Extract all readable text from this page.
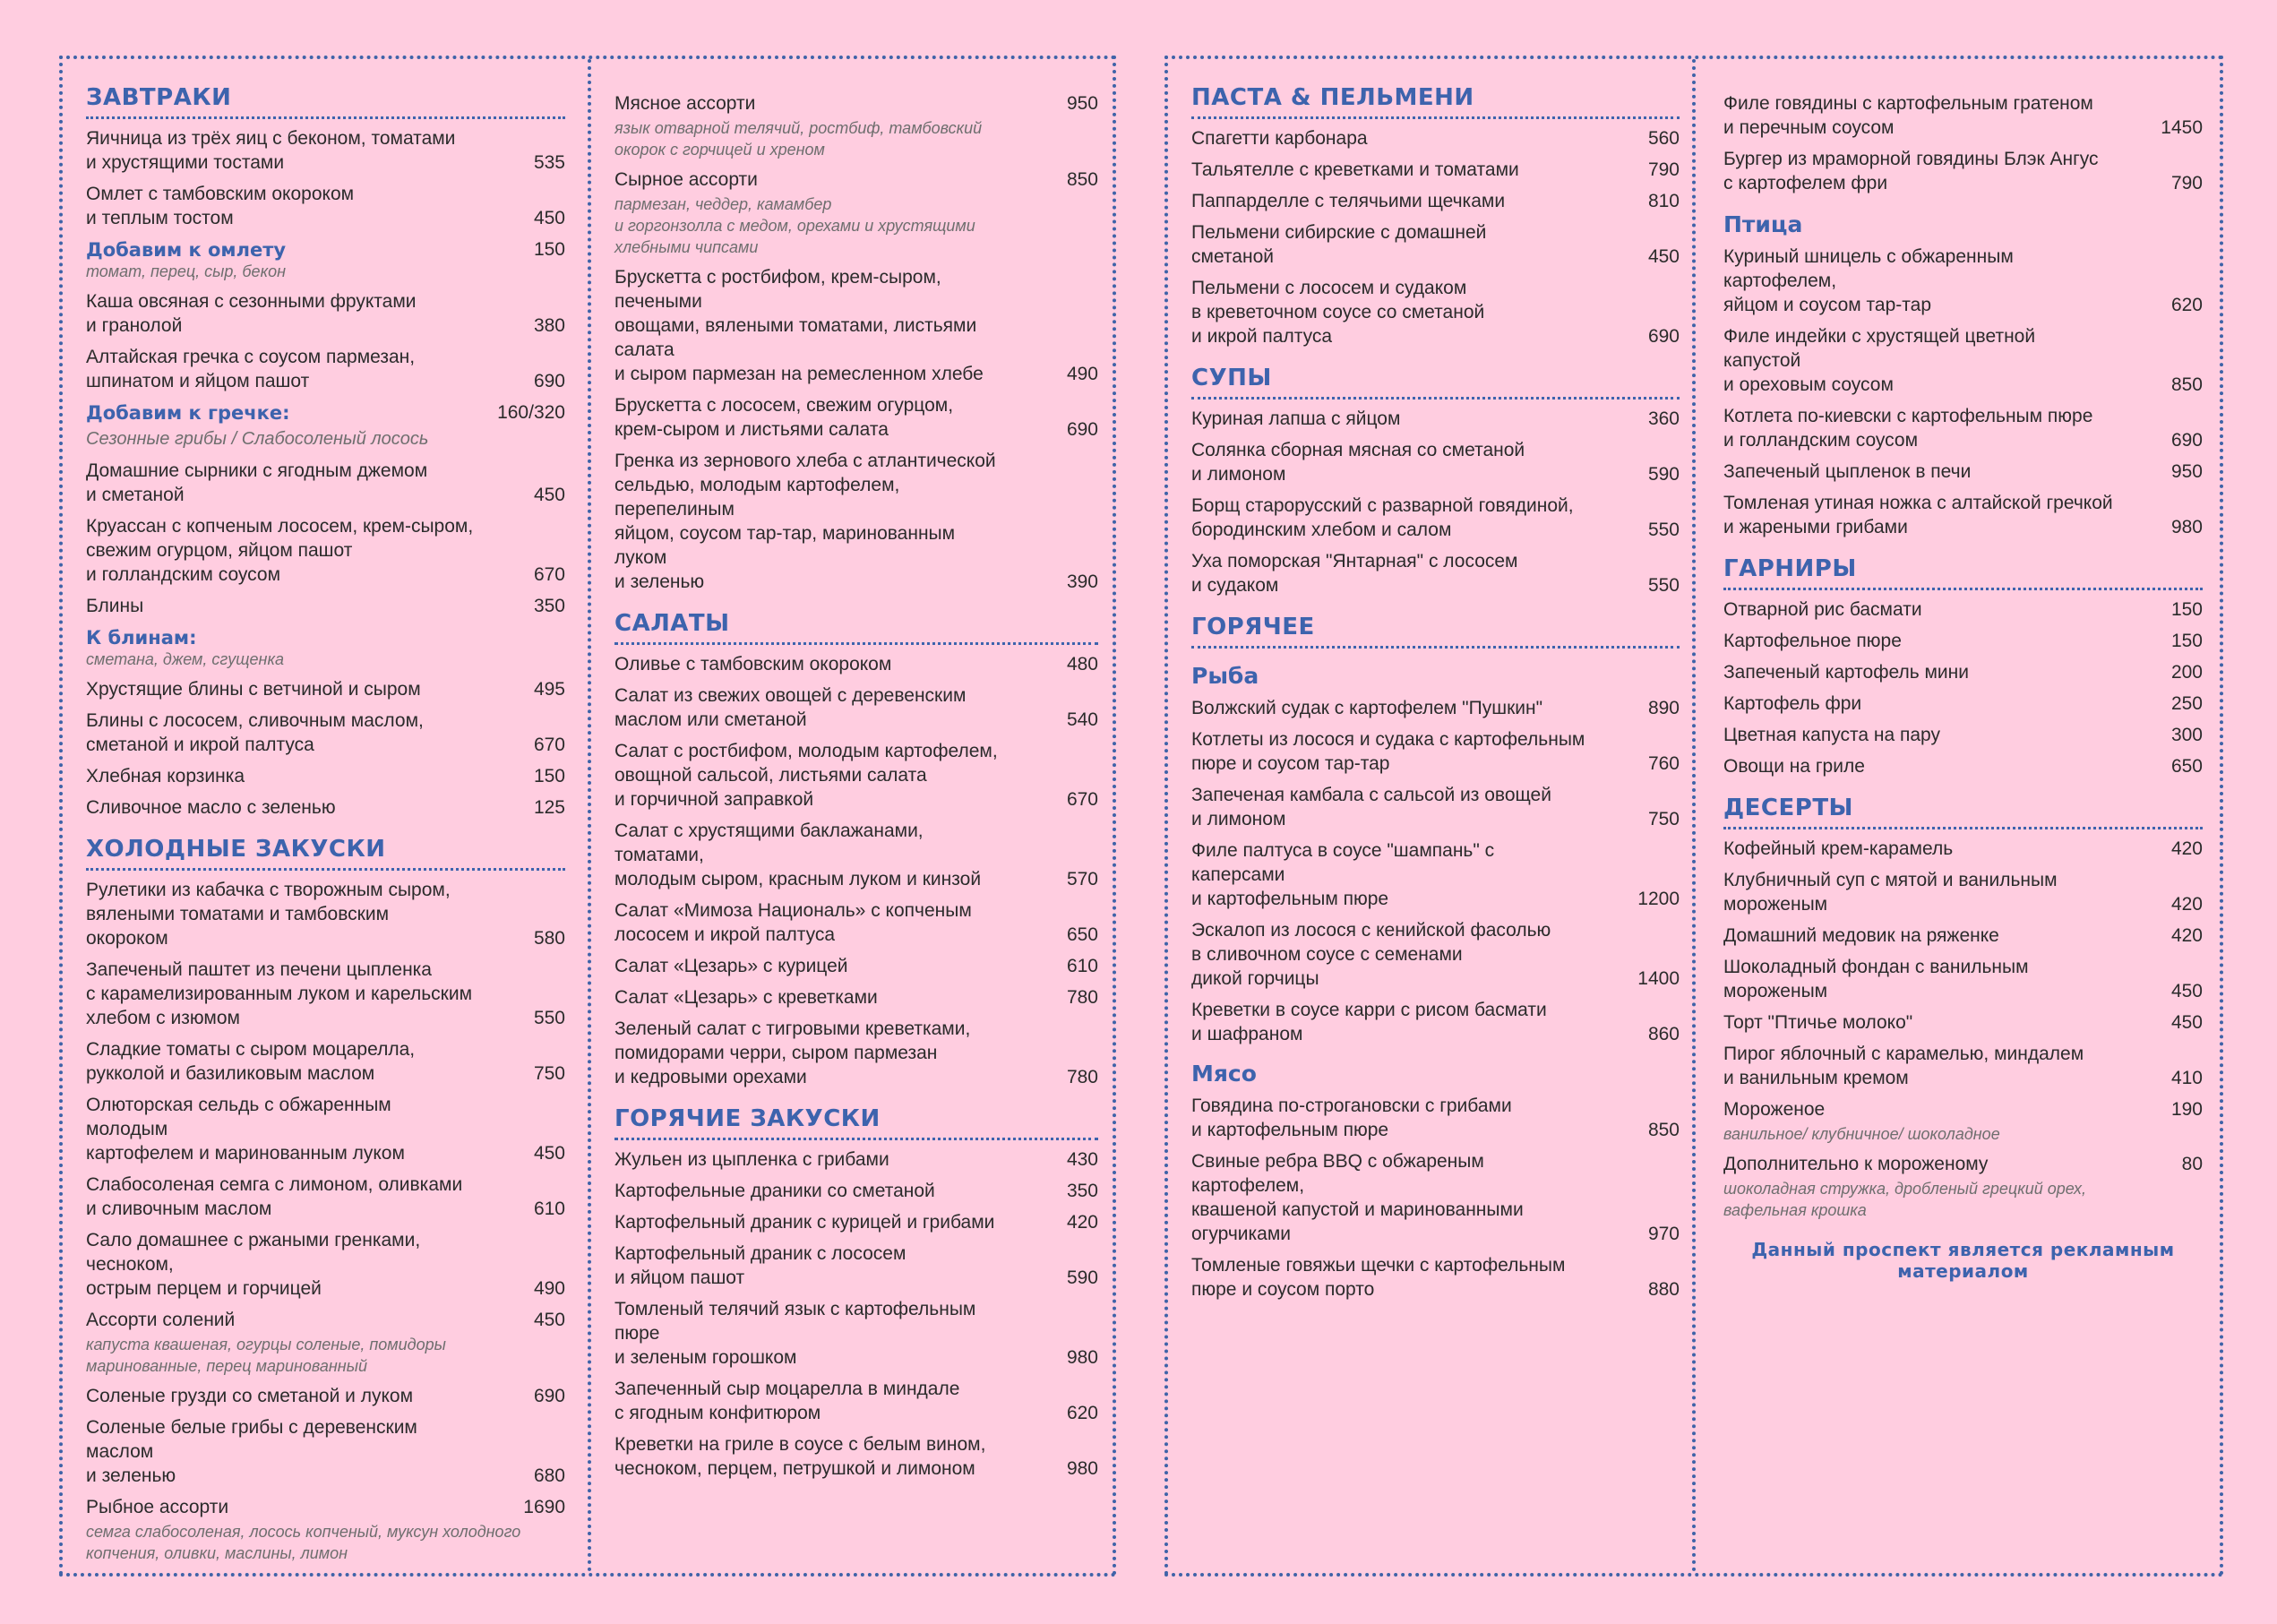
ЗАВТРАКИ
Яичница из трёх яиц с беконом, томатами
и хрустящими тостами	535
Омлет с тамбовским окороком
и теплым тостом	450
Добавим к омлету	150
томат, перец, сыр, бекон
Каша овсяная с сезонными фруктами
и гранолой	380
Алтайская гречка с соусом пармезан,
шпинатом и яйцом пашот	690
Добавим к гречке:	160/320
Сезонные грибы / Слабосоленый лосось
Домашние сырники с ягодным джемом
и сметаной	450
Круассан с копченым лососем, крем-сыром,
свежим огурцом, яйцом пашот
и голландским соусом	670
Блины	350
К блинам:
сметана, джем, сгущенка
Хрустящие блины с ветчиной и сыром	495
Блины с лососем, сливочным маслом,
сметаной и икрой палтуса	670
Хлебная корзинка	150
Сливочное масло с зеленью	125
ХОЛОДНЫЕ ЗАКУСКИ
Рулетики из кабачка с творожным сыром,
вялеными томатами и тамбовским окороком	580
Запеченый паштет из печени цыпленка
с карамелизированным луком и карельским
хлебом с изюмом	550
Сладкие томаты с сыром моцарелла,
рукколой и базиликовым маслом	750
Олюторская сельдь с обжаренным молодым
картофелем и маринованным луком	450
Слабосоленая семга с лимоном, оливками
и сливочным маслом	610
Сало домашнее с ржаными гренками, чесноком,
острым перцем и горчицей	490
Ассорти солений	450
капуста квашеная, огурцы соленые, помидоры
маринованные, перец маринованный
Соленые грузди со сметаной и луком	690
Соленые белые грибы с деревенским маслом
и зеленью	680
Рыбное ассорти	1690
семга слабосоленая, лосось копченый, муксун холодного
копчения, оливки, маслины, лимон
Мясное ассорти	950
язык отварной телячий, ростбиф, тамбовский
окорок с горчицей и хреном
Сырное ассорти	850
пармезан, чеддер, камамбер
и горгонзолла с медом, орехами и хрустящими
хлебными чипсами
Брускетта с ростбифом, крем-сыром, печеными
овощами, вялеными томатами, листьями салата
и сыром пармезан на ремесленном хлебе	490
Брускетта с лососем, свежим огурцом,
крем-сыром и листьями салата	690
Гренка из зернового хлеба с атлантической
сельдью, молодым картофелем, перепелиным
яйцом, соусом тар-тар, маринованным луком
и зеленью	390
САЛАТЫ
Оливье с тамбовским окороком	480
Салат из свежих овощей с деревенским
маслом или сметаной	540
Салат с ростбифом, молодым картофелем,
овощной сальсой, листьями салата
и горчичной заправкой	670
Салат с хрустящими баклажанами, томатами,
молодым сыром, красным луком и кинзой	570
Салат «Мимоза Националь» с копченым
лососем и икрой палтуса	650
Салат «Цезарь» с курицей	610
Салат «Цезарь» с креветками	780
Зеленый салат с тигровыми креветками,
помидорами черри, сыром пармезан
и кедровыми орехами	780
ГОРЯЧИЕ ЗАКУСКИ
Жульен из цыпленка с грибами	430
Картофельные драники со сметаной	350
Картофельный драник с курицей и грибами	420
Картофельный драник с лососем
и яйцом пашот	590
Томленый телячий язык с картофельным пюре
и зеленым горошком	980
Запеченный сыр моцарелла в миндале
с ягодным конфитюром	620
Креветки на гриле в соусе с белым вином,
чесноком, перцем, петрушкой и лимоном	980
ПАСТА & ПЕЛЬМЕНИ
Спагетти карбонара	560
Тальятелле с креветками и томатами	790
Паппарделле с телячьими щечками	810
Пельмени сибирские с домашней
сметаной	450
Пельмени с лососем и судаком
в креветочном соусе со сметаной
и икрой палтуса	690
СУПЫ
Куриная лапша с яйцом	360
Солянка сборная мясная со сметаной
и лимоном	590
Борщ старорусский с разварной говядиной,
бородинским хлебом и салом	550
Уха поморская "Янтарная" с лососем
и судаком	550
ГОРЯЧЕЕ
Рыба
Волжский судак с картофелем "Пушкин"	890
Котлеты из лосося и судака с картофельным
пюре и соусом тар-тар	760
Запеченая камбала с сальсой из овощей
и лимоном	750
Филе палтуса в соусе "шампань" с каперсами
и картофельным пюре	1200
Эскалоп из лосося с кенийской фасолью
в сливочном соусе с семенами
дикой горчицы	1400
Креветки в соусе карри с рисом басмати
и шафраном	860
Мясо
Говядина по-строгановски с грибами
и картофельным пюре	850
Свиные ребра BBQ с обжареным картофелем,
квашеной капустой и маринованными
огурчиками	970
Томленые говяжьи щечки с картофельным
пюре и соусом порто	880
Филе говядины с картофельным гратеном
и перечным соусом	1450
Бургер из мраморной говядины Блэк Ангус
с картофелем фри	790
Птица
Куриный шницель с обжаренным картофелем,
яйцом и соусом тар-тар	620
Филе индейки с хрустящей цветной капустой
и ореховым соусом	850
Котлета по-киевски с картофельным пюре
и голландским соусом	690
Запеченый цыпленок в печи	950
Томленая утиная ножка с алтайской гречкой
и жареными грибами	980
ГАРНИРЫ
Отварной рис басмати	150
Картофельное пюре	150
Запеченый картофель мини	200
Картофель фри	250
Цветная капуста на пару	300
Овощи на гриле	650
ДЕСЕРТЫ
Кофейный крем-карамель	420
Клубничный суп с мятой и ванильным
мороженым	420
Домашний медовик на ряженке	420
Шоколадный фондан с ванильным
мороженым	450
Торт "Птичье молоко"	450
Пирог яблочный с карамелью, миндалем
и ванильным кремом	410
Мороженое	190
ванильное/ клубничное/ шоколадное
Дополнительно к мороженому	80
шоколадная стружка, дробленый грецкий орех,
вафельная крошка
Данный проспект является рекламным материалом
